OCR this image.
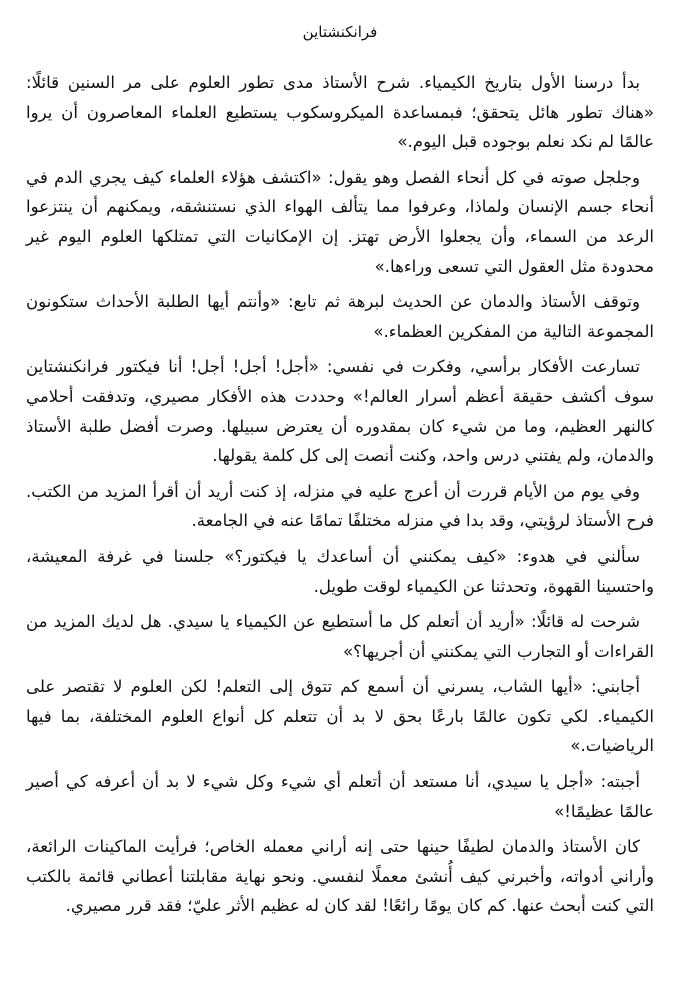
فرانكنشتاين

بدأ درسنا الأول بتاريخ الكيمياء. شرح الأستاذ مدى تطور العلوم على مر السنين قائلًا: «هناك تطور هائل يتحقق؛ فبمساعدة الميكروسكوب يستطيع العلماء المعاصرون أن يروا عالمًا لم نكد نعلم بوجوده قبل اليوم.»

وجلجل صوته في كل أنحاء الفصل وهو يقول: «اكتشف هؤلاء العلماء كيف يجري الدم في أنحاء جسم الإنسان ولماذا، وعرفوا مما يتألف الهواء الذي نستنشقه، ويمكنهم أن ينتزعوا الرعد من السماء، وأن يجعلوا الأرض تهتز. إن الإمكانيات التي تمتلكها العلوم اليوم غير محدودة مثل العقول التي تسعى وراءها.»

وتوقف الأستاذ والدمان عن الحديث لبرهة ثم تابع: «وأنتم أيها الطلبة الأحداث ستكونون المجموعة التالية من المفكرين العظماء.»

تسارعت الأفكار برأسي، وفكرت في نفسي: «أجل! أجل! أجل! أنا فيكتور فرانكنشتاين سوف أكشف حقيقة أعظم أسرار العالم!» وحددت هذه الأفكار مصيري، وتدفقت أحلامي كالنهر العظيم، وما من شيء كان بمقدوره أن يعترض سبيلها. وصرت أفضل طلبة الأستاذ والدمان، ولم يفتني درس واحد، وكنت أنصت إلى كل كلمة يقولها.

وفي يوم من الأيام قررت أن أعرج عليه في منزله، إذ كنت أريد أن أقرأ المزيد من الكتب. فرح الأستاذ لرؤيتي، وقد بدا في منزله مختلفًا تمامًا عنه في الجامعة.

سألني في هدوء: «كيف يمكنني أن أساعدك يا فيكتور؟» جلسنا في غرفة المعيشة، واحتسينا القهوة، وتحدثنا عن الكيمياء لوقت طويل.

شرحت له قائلًا: «أريد أن أتعلم كل ما أستطيع عن الكيمياء يا سيدي. هل لديك المزيد من القراءات أو التجارب التي يمكنني أن أجريها؟»

أجابني: «أيها الشاب، يسرني أن أسمع كم تتوق إلى التعلم! لكن العلوم لا تقتصر على الكيمياء. لكي تكون عالمًا بارعًا بحق لا بد أن تتعلم كل أنواع العلوم المختلفة، بما فيها الرياضيات.»

أجبته: «أجل يا سيدي، أنا مستعد أن أتعلم أي شيء وكل شيء لا بد أن أعرفه كي أصير عالمًا عظيمًا!»

كان الأستاذ والدمان لطيفًا حينها حتى إنه أراني معمله الخاص؛ فرأيت الماكينات الرائعة، وأراني أدواته، وأخبرني كيف أُنشئ معملًا لنفسي. ونحو نهاية مقابلتنا أعطاني قائمة بالكتب التي كنت أبحث عنها. كم كان يومًا رائعًا! لقد كان له عظيم الأثر عليّ؛ فقد قرر مصيري.
